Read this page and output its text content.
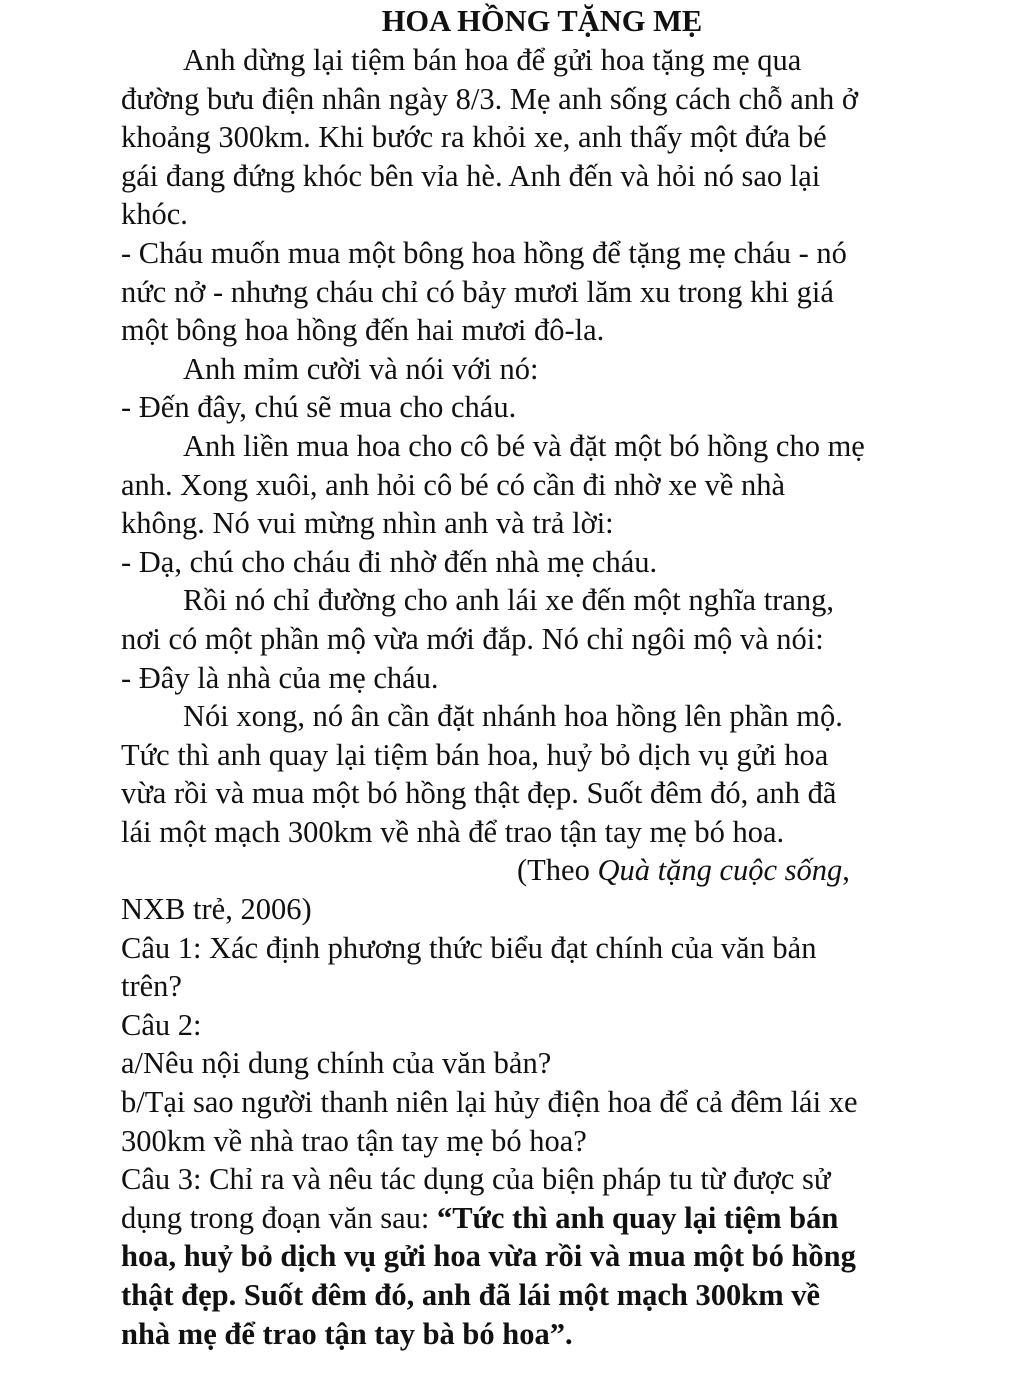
HOA HỒNG TẶNG MẸ
Anh dừng lại tiệm bán hoa để gửi hoa tặng mẹ qua
đường bưu điện nhân ngày 8/3. Mẹ anh sống cách chỗ anh ở
khoảng 300km. Khi bước ra khỏi xe, anh thấy một đứa bé
gái đang đứng khóc bên vỉa hè. Anh đến và hỏi nó sao lại
khóc.
- Cháu muốn mua một bông hoa hồng để tặng mẹ cháu - nó
nức nở - nhưng cháu chỉ có bảy mươi lăm xu trong khi giá
một bông hoa hồng đến hai mươi đô-la.
Anh mỉm cười và nói với nó:
- Đến đây, chú sẽ mua cho cháu.
Anh liền mua hoa cho cô bé và đặt một bó hồng cho mẹ
anh. Xong xuôi, anh hỏi cô bé có cần đi nhờ xe về nhà
không. Nó vui mừng nhìn anh và trả lời:
- Dạ, chú cho cháu đi nhờ đến nhà mẹ cháu.
Rồi nó chỉ đường cho anh lái xe đến một nghĩa trang,
nơi có một phần mộ vừa mới đắp. Nó chỉ ngôi mộ và nói:
- Đây là nhà của mẹ cháu.
Nói xong, nó ân cần đặt nhánh hoa hồng lên phần mộ.
Tức thì anh quay lại tiệm bán hoa, huỷ bỏ dịch vụ gửi hoa
vừa rồi và mua một bó hồng thật đẹp. Suốt đêm đó, anh đã
lái một mạch 300km về nhà để trao tận tay mẹ bó hoa.
(Theo Quà tặng cuộc sống,
NXB trẻ, 2006)
Câu 1: Xác định phương thức biểu đạt chính của văn bản
trên?
Câu 2:
a/Nêu nội dung chính của văn bản?
b/Tại sao người thanh niên lại hủy điện hoa để cả đêm lái xe
300km về nhà trao tận tay mẹ bó hoa?
Câu 3: Chỉ ra và nêu tác dụng của biện pháp tu từ được sử
dụng trong đoạn văn sau: “Tức thì anh quay lại tiệm bán
hoa, huỷ bỏ dịch vụ gửi hoa vừa rồi và mua một bó hồng
thật đẹp. Suốt đêm đó, anh đã lái một mạch 300km về
nhà mẹ để trao tận tay bà bó hoa”.
